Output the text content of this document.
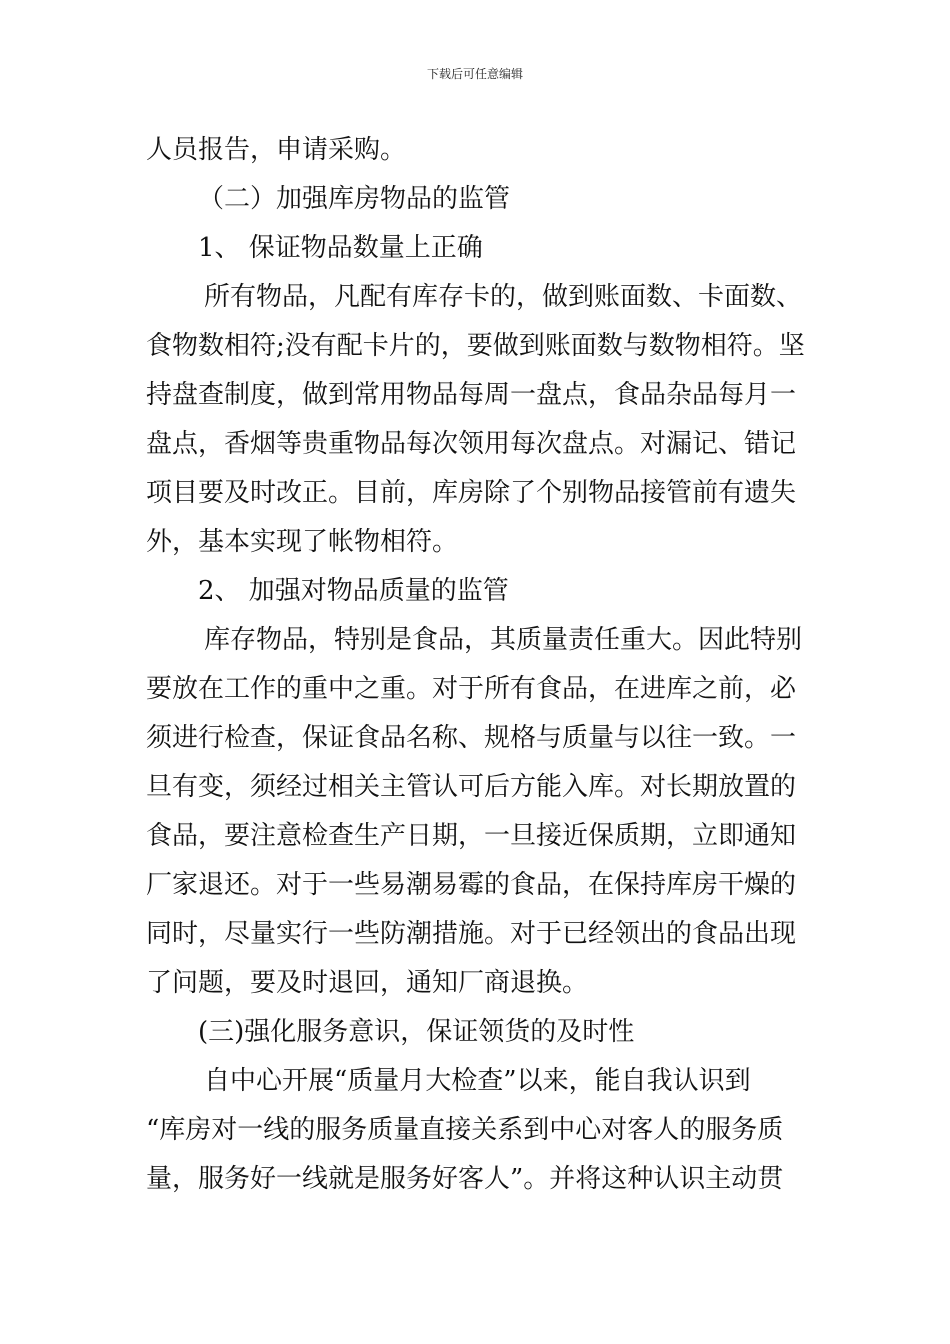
下载后可任意编辑
人员报告，申请采购。
（二）加强库房物品的监管
1、 保证物品数量上正确
所有物品，凡配有库存卡的，做到账面数、卡面数、
食物数相符;没有配卡片的，要做到账面数与数物相符。坚
持盘查制度，做到常用物品每周一盘点，食品杂品每月一
盘点，香烟等贵重物品每次领用每次盘点。对漏记、错记
项目要及时改正。目前，库房除了个别物品接管前有遗失
外，基本实现了帐物相符。
2、 加强对物品质量的监管
库存物品，特别是食品，其质量责任重大。因此特别
要放在工作的重中之重。对于所有食品，在进库之前，必
须进行检查，保证食品名称、规格与质量与以往一致。一
旦有变，须经过相关主管认可后方能入库。对长期放置的
食品，要注意检查生产日期，一旦接近保质期，立即通知
厂家退还。对于一些易潮易霉的食品，在保持库房干燥的
同时，尽量实行一些防潮措施。对于已经领出的食品出现
了问题，要及时退回，通知厂商退换。
(三)强化服务意识，保证领货的及时性
自中心开展“质量月大检查”以来，能自我认识到
“库房对一线的服务质量直接关系到中心对客人的服务质
量，服务好一线就是服务好客人”。并将这种认识主动贯
